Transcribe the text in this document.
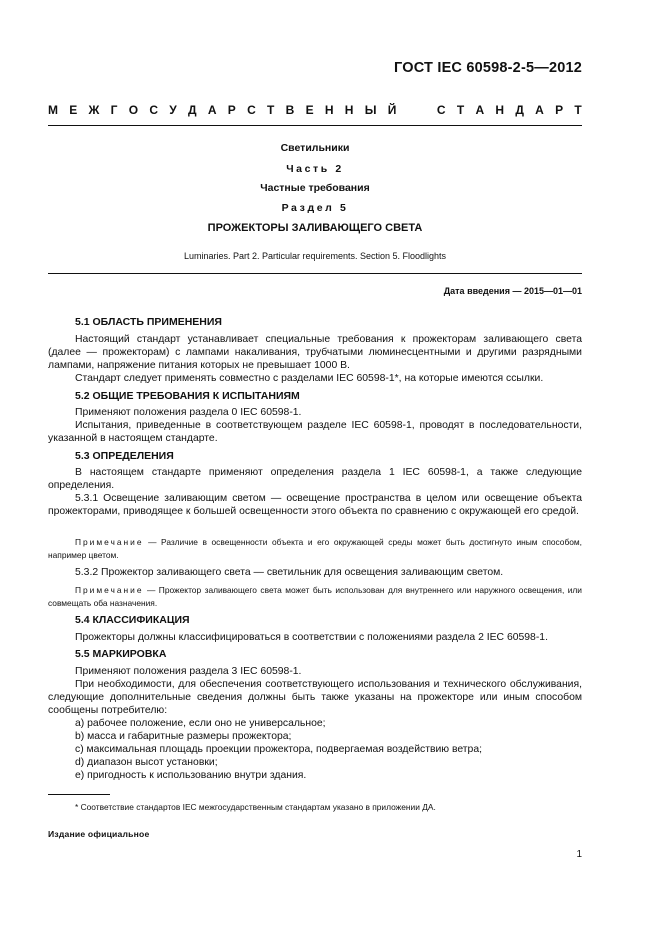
ГОСТ IEC 60598-2-5—2012
М Е Ж Г О С У Д А Р С Т В Е Н Н Ы Й	С Т А Н Д А Р Т
Светильники
Часть 2
Частные требования
Раздел 5
ПРОЖЕКТОРЫ ЗАЛИВАЮЩЕГО СВЕТА
Luminaries. Part 2. Particular requirements. Section 5. Floodlights
Дата введения — 2015—01—01
5.1 ОБЛАСТЬ ПРИМЕНЕНИЯ
Настоящий стандарт устанавливает специальные требования к прожекторам заливающего света (далее — прожекторам) с лампами накаливания, трубчатыми люминесцентными и другими разрядными лампами, напряжение питания которых не превышает 1000 В.
Стандарт следует применять совместно с разделами IEC 60598-1*, на которые имеются ссылки.
5.2 ОБЩИЕ ТРЕБОВАНИЯ К ИСПЫТАНИЯМ
Применяют положения раздела 0 IEC 60598-1.
Испытания, приведенные в соответствующем разделе IEC 60598-1, проводят в последовательности, указанной в настоящем стандарте.
5.3 ОПРЕДЕЛЕНИЯ
В настоящем стандарте применяют определения раздела 1 IEC 60598-1, а также следующие определения.
5.3.1 Освещение заливающим светом — освещение пространства в целом или освещение объекта прожекторами, приводящее к большей освещенности этого объекта по сравнению с окружающей его средой.
Примечание — Различие в освещенности объекта и его окружающей среды может быть достигнуто иным способом, например цветом.
5.3.2 Прожектор заливающего света — светильник для освещения заливающим светом.
Примечание — Прожектор заливающего света может быть использован для внутреннего или наружного освещения, или совмещать оба назначения.
5.4 КЛАССИФИКАЦИЯ
Прожекторы должны классифицироваться в соответствии с положениями раздела 2 IEC 60598-1.
5.5 МАРКИРОВКА
Применяют положения раздела 3 IEC 60598-1.
При необходимости, для обеспечения соответствующего использования и технического обслуживания, следующие дополнительные сведения должны быть также указаны на прожекторе или иным способом сообщены потребителю:
a) рабочее положение, если оно не универсальное;
b) масса и габаритные размеры прожектора;
c) максимальная площадь проекции прожектора, подвергаемая воздействию ветра;
d) диапазон высот установки;
e) пригодность к использованию внутри здания.
* Соответствие стандартов IEC межгосударственным стандартам указано в приложении ДА.
Издание официальное
1
